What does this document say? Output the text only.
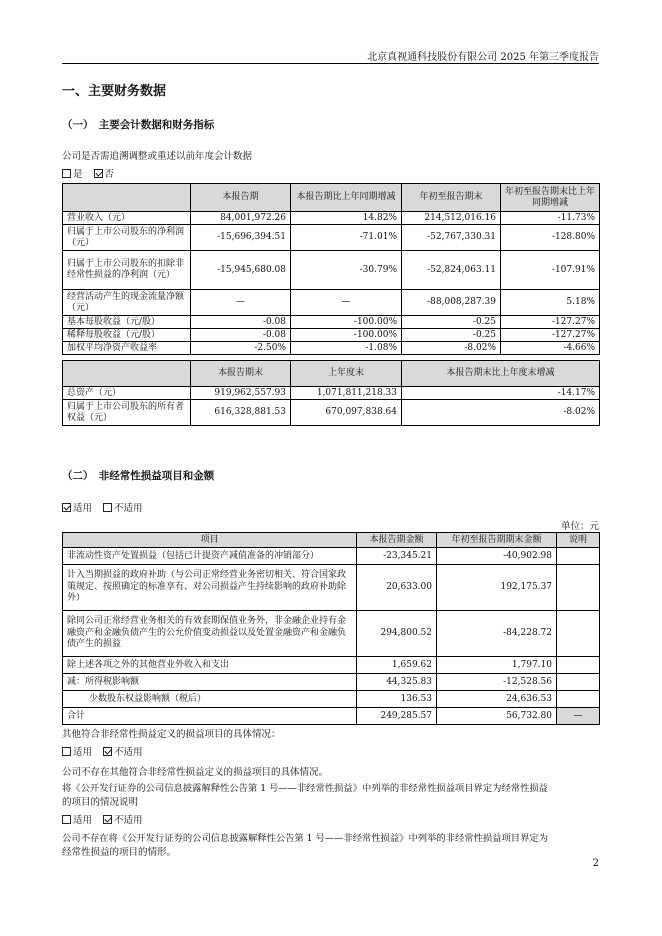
北京真视通科技股份有限公司 2025 年第三季度报告
一、主要财务数据
（一）　主要会计数据和财务指标
公司是否需追溯调整或重述以前年度会计数据
是 否
	本报告期	本报告期比上年同期增减	年初至报告期末	年初至报告期末比上年同期增减
营业收入（元）	84,001,972.26	14.82%	214,512,016.16	-11.73%
归属于上市公司股东的净利润（元）	-15,696,394.51	-71.01%	-52,767,330.31	-128.80%
归属于上市公司股东的扣除非经常性损益的净利润（元）	-15,945,680.08	-30.79%	-52,824,063.11	-107.91%
经营活动产生的现金流量净额（元）	—	—	-88,008,287.39	5.18%
基本每股收益（元/股）	-0.08	-100.00%	-0.25	-127.27%
稀释每股收益（元/股）	-0.08	-100.00%	-0.25	-127.27%
加权平均净资产收益率	-2.50%	-1.08%	-8.02%	-4.66%
	本报告期末	上年度末	本报告期末比上年度末增减
总资产（元）	919,962,557.93	1,071,811,218.33	-14.17%
归属于上市公司股东的所有者权益（元）	616,328,881.53	670,097,838.64	-8.02%
（二）　非经常性损益项目和金额
适用 不适用
单位：元
项目	本报告期金额	年初至报告期期末金额	说明
非流动性资产处置损益（包括已计提资产减值准备的冲销部分）	-23,345.21	-40,902.98	
计入当期损益的政府补助（与公司正常经营业务密切相关、符合国家政策规定、按照确定的标准享有、对公司损益产生持续影响的政府补助除外）	20,633.00	192,175.37	
除同公司正常经营业务相关的有效套期保值业务外，非金融企业持有金融资产和金融负债产生的公允价值变动损益以及处置金融资产和金融负债产生的损益	294,800.52	-84,228.72	
除上述各项之外的其他营业外收入和支出	1,659.62	1,797.10	
减：所得税影响额	44,325.83	-12,528.56	
少数股东权益影响额（税后）	136.53	24,636.53	
合计	249,285.57	56,732.80	—
其他符合非经常性损益定义的损益项目的具体情况：
适用 不适用
公司不存在其他符合非经常性损益定义的损益项目的具体情况。
将《公开发行证券的公司信息披露解释性公告第 1 号——非经常性损益》中列举的非经常性损益项目界定为经常性损益
的项目的情况说明
适用 不适用
公司不存在将《公开发行证券的公司信息披露解释性公告第 1 号——非经常性损益》中列举的非经常性损益项目界定为
经常性损益的项目的情形。
2
